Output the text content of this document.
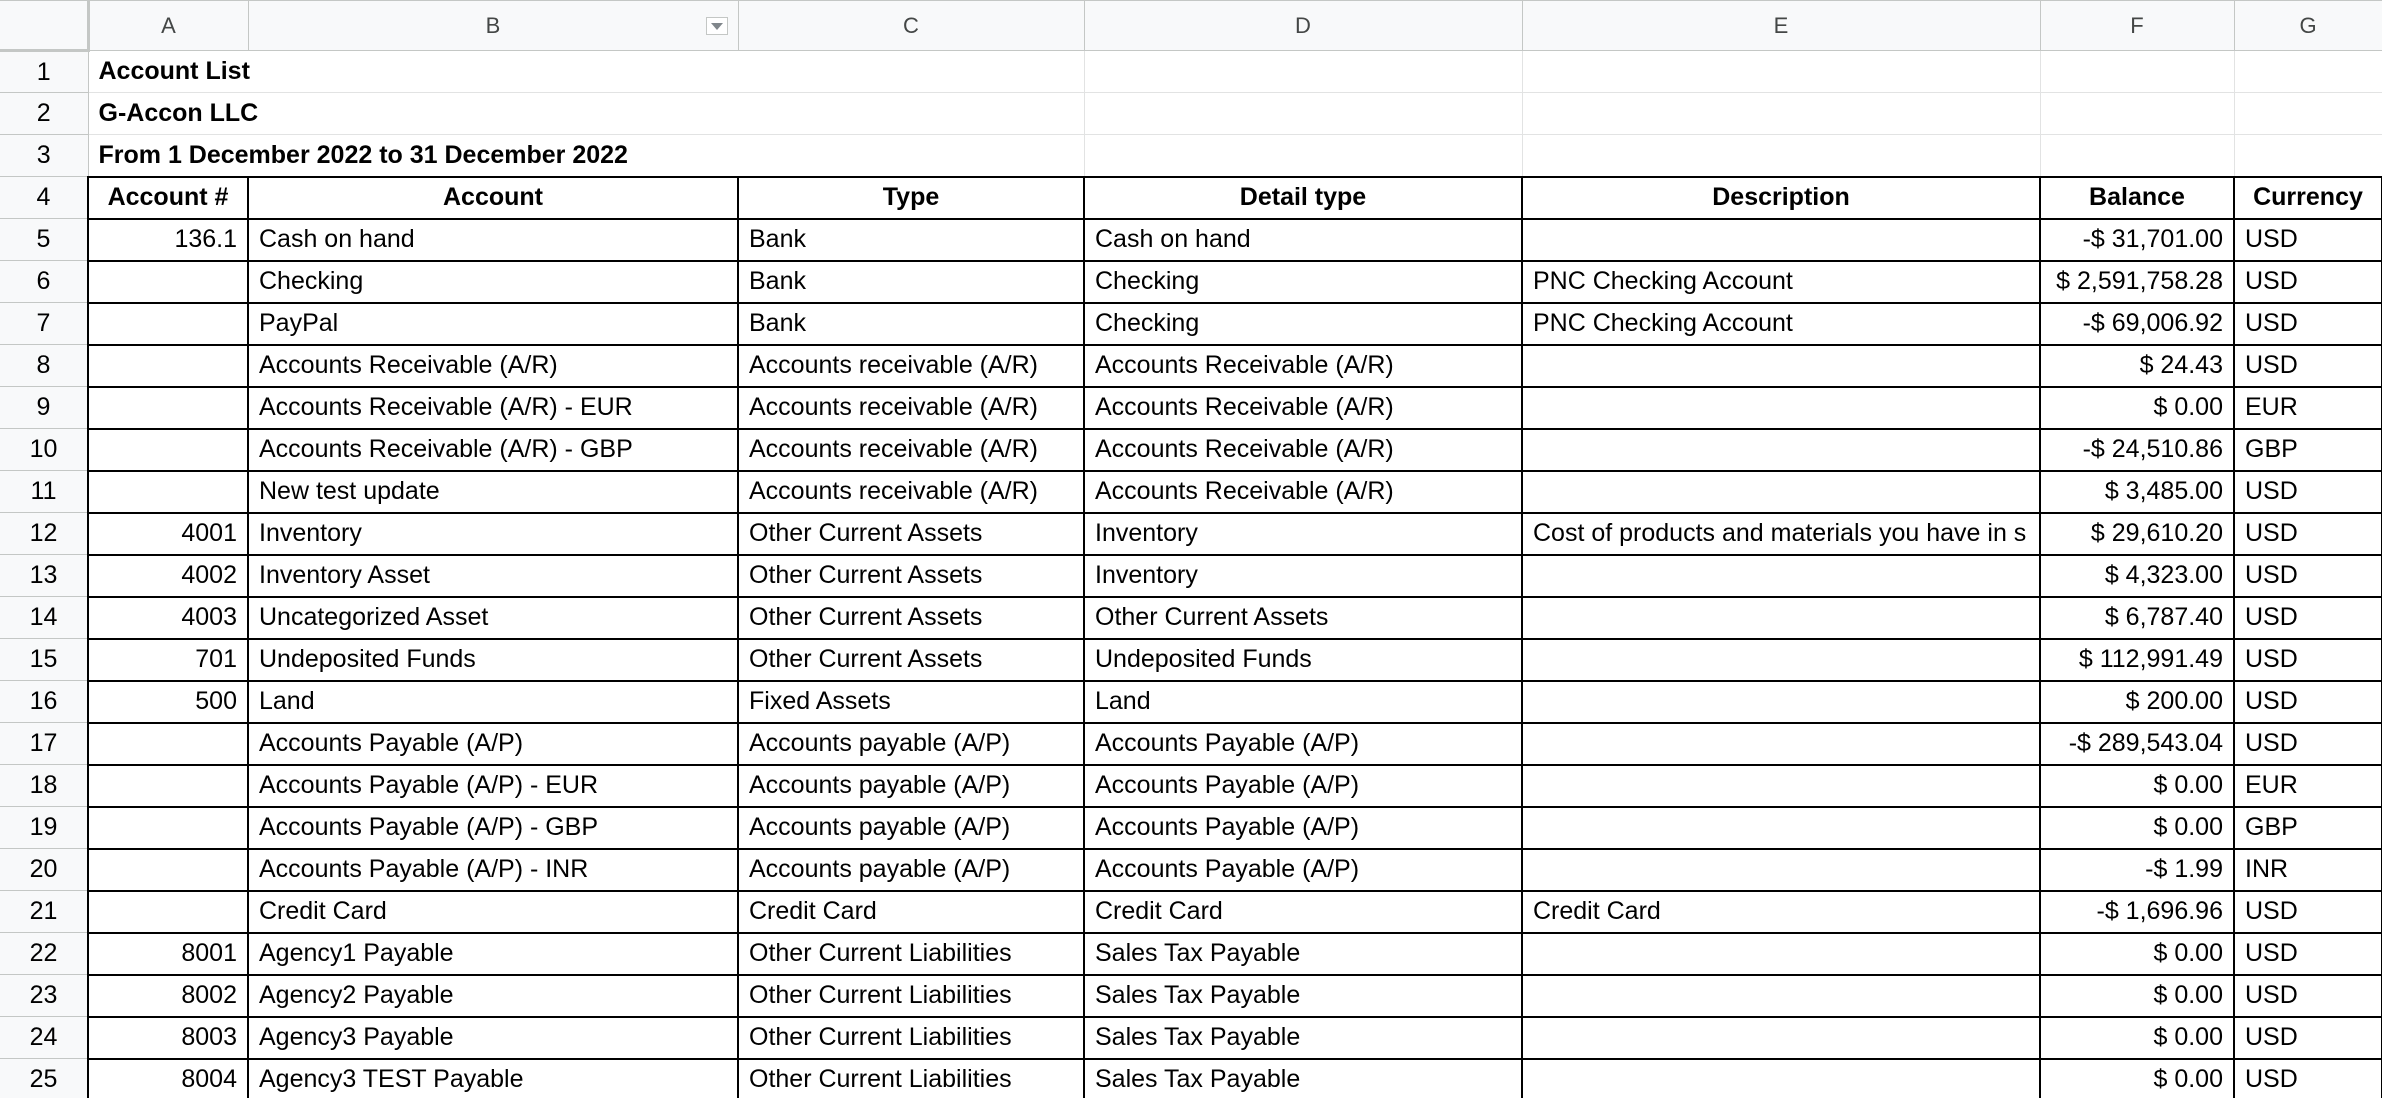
	A	B	C	D	E	F	G
1	Account List						
2	G-Accon LLC						
3	From 1 December 2022 to 31 December 2022						
4	Account #	Account	Type	Detail type	Description	Balance	Currency
5	136.1	Cash on hand	Bank	Cash on hand		-$ 31,701.00	USD
6		Checking	Bank	Checking	PNC Checking Account	$ 2,591,758.28	USD
7		PayPal	Bank	Checking	PNC Checking Account	-$ 69,006.92	USD
8		Accounts Receivable (A/R)	Accounts receivable (A/R)	Accounts Receivable (A/R)		$ 24.43	USD
9		Accounts Receivable (A/R) - EUR	Accounts receivable (A/R)	Accounts Receivable (A/R)		$ 0.00	EUR
10		Accounts Receivable (A/R) - GBP	Accounts receivable (A/R)	Accounts Receivable (A/R)		-$ 24,510.86	GBP
11		New test update	Accounts receivable (A/R)	Accounts Receivable (A/R)		$ 3,485.00	USD
12	4001	Inventory	Other Current Assets	Inventory	Cost of products and materials you have in s	$ 29,610.20	USD
13	4002	Inventory Asset	Other Current Assets	Inventory		$ 4,323.00	USD
14	4003	Uncategorized Asset	Other Current Assets	Other Current Assets		$ 6,787.40	USD
15	701	Undeposited Funds	Other Current Assets	Undeposited Funds		$ 112,991.49	USD
16	500	Land	Fixed Assets	Land		$ 200.00	USD
17		Accounts Payable (A/P)	Accounts payable (A/P)	Accounts Payable (A/P)		-$ 289,543.04	USD
18		Accounts Payable (A/P) - EUR	Accounts payable (A/P)	Accounts Payable (A/P)		$ 0.00	EUR
19		Accounts Payable (A/P) - GBP	Accounts payable (A/P)	Accounts Payable (A/P)		$ 0.00	GBP
20		Accounts Payable (A/P) - INR	Accounts payable (A/P)	Accounts Payable (A/P)		-$ 1.99	INR
21		Credit Card	Credit Card	Credit Card	Credit Card	-$ 1,696.96	USD
22	8001	Agency1 Payable	Other Current Liabilities	Sales Tax Payable		$ 0.00	USD
23	8002	Agency2 Payable	Other Current Liabilities	Sales Tax Payable		$ 0.00	USD
24	8003	Agency3 Payable	Other Current Liabilities	Sales Tax Payable		$ 0.00	USD
25	8004	Agency3 TEST Payable	Other Current Liabilities	Sales Tax Payable		$ 0.00	USD
